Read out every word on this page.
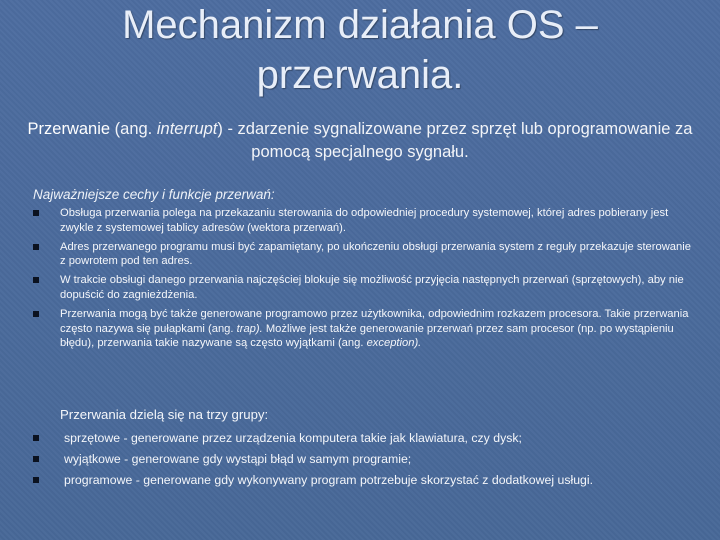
Mechanizm działania OS –
przerwania.
Przerwanie (ang. interrupt) - zdarzenie sygnalizowane przez sprzęt lub oprogramowanie za pomocą specjalnego sygnału.
Najważniejsze cechy i funkcje przerwań:
Obsługa przerwania polega na przekazaniu sterowania do odpowiedniej procedury systemowej, której adres pobierany jest zwykle z systemowej tablicy adresów (wektora przerwań).
Adres przerwanego programu musi być zapamiętany, po ukończeniu obsługi przerwania system z reguły przekazuje sterowanie z powrotem pod ten adres.
W trakcie obsługi danego przerwania najczęściej blokuje się możliwość przyjęcia następnych przerwań (sprzętowych), aby nie dopuścić do zagnieżdżenia.
Przerwania mogą być także generowane programowo przez użytkownika, odpowiednim rozkazem procesora. Takie przerwania często nazywa się pułapkami (ang. trap). Możliwe jest także generowanie przerwań przez sam procesor (np. po wystąpieniu błędu), przerwania takie nazywane są często wyjątkami (ang. exception).
Przerwania dzielą się na trzy grupy:
sprzętowe - generowane przez urządzenia komputera takie jak klawiatura, czy dysk;
wyjątkowe - generowane gdy wystąpi błąd w samym programie;
programowe - generowane gdy wykonywany program potrzebuje skorzystać z dodatkowej usługi.
